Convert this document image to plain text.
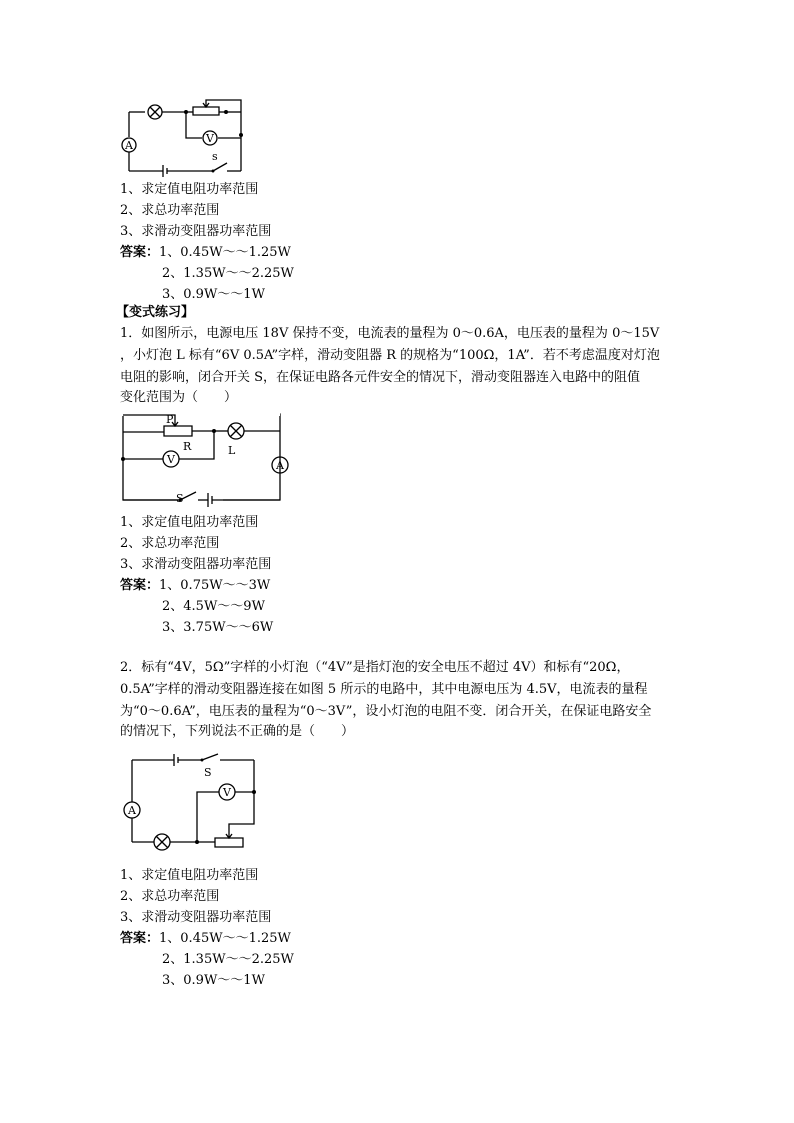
V
A
s
1、求定值电阻功率范围
2、求总功率范围
3、求滑动变阻器功率范围
答案：1、0.45W～～1.25W
2、1.35W～～2.25W
3、0.9W～～1W
【变式练习】
1．如图所示，电源电压 18V 保持不变，电流表的量程为 0～0.6A，电压表的量程为 0～15V
，小灯泡 L 标有“6V 0.5A”字样，滑动变阻器 R 的规格为“100Ω，1A”．若不考虑温度对灯泡
电阻的影响，闭合开关 S，在保证电路各元件安全的情况下，滑动变阻器连入电路中的阻值
变化范围为（　　）
P
R	L
V	A
S
1、求定值电阻功率范围
2、求总功率范围
3、求滑动变阻器功率范围
答案：1、0.75W～～3W
2、4.5W～～9W
3、3.75W～～6W
2．标有“4V，5Ω”字样的小灯泡（“4V”是指灯泡的安全电压不超过 4V）和标有“20Ω，
0.5A”字样的滑动变阻器连接在如图 5 所示的电路中，其中电源电压为 4.5V，电流表的量程
为“0～0.6A”，电压表的量程为“0～3V”，设小灯泡的电阻不变．闭合开关，在保证电路安全
的情况下，下列说法不正确的是（　　）
S
A
V
1、求定值电阻功率范围
2、求总功率范围
3、求滑动变阻器功率范围
答案：1、0.45W～～1.25W
2、1.35W～～2.25W
3、0.9W～～1W
